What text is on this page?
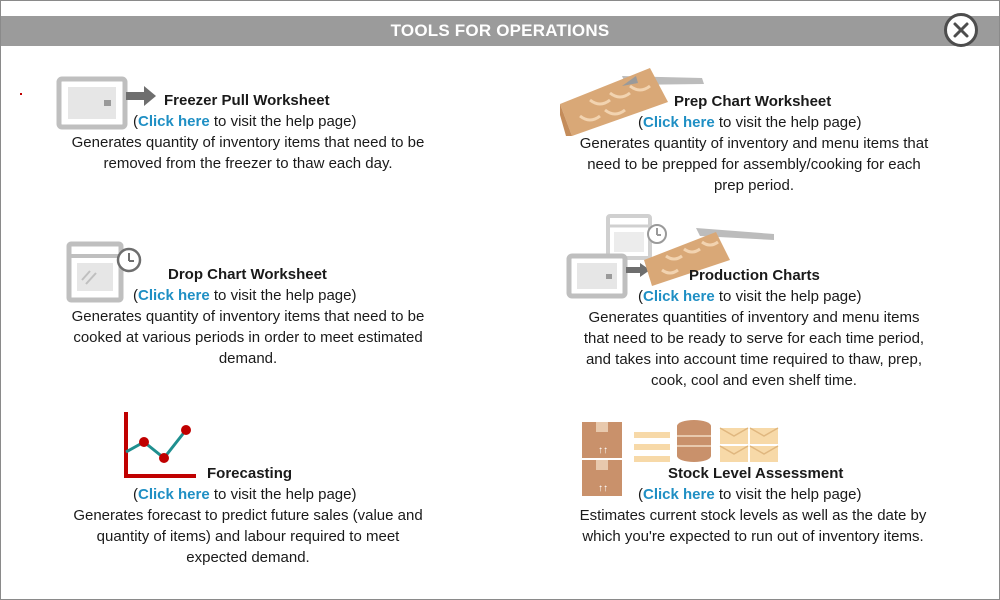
TOOLS FOR OPERATIONS
↑↑
↑↑
Freezer Pull Worksheet
(Click here to visit the help page)
Generates quantity of inventory items that need to be removed from the freezer to thaw each day.
Prep Chart Worksheet
(Click here to visit the help page)
Generates quantity of inventory and menu items that need to be prepped for assembly/cooking for each prep period.
Drop Chart Worksheet
(Click here to visit the help page)
Generates quantity of inventory items that need to be cooked at various periods in order to meet estimated demand.
Production Charts
(Click here to visit the help page)
Generates quantities of inventory and menu items that need to be ready to serve for each time period, and takes into account time required to thaw, prep, cook, cool and even shelf time.
Forecasting
(Click here to visit the help page)
Generates forecast to predict future sales (value and quantity of items) and labour required to meet expected demand.
Stock Level Assessment
(Click here to visit the help page)
Estimates current stock levels as well as the date by which you're expected to run out of inventory items.
